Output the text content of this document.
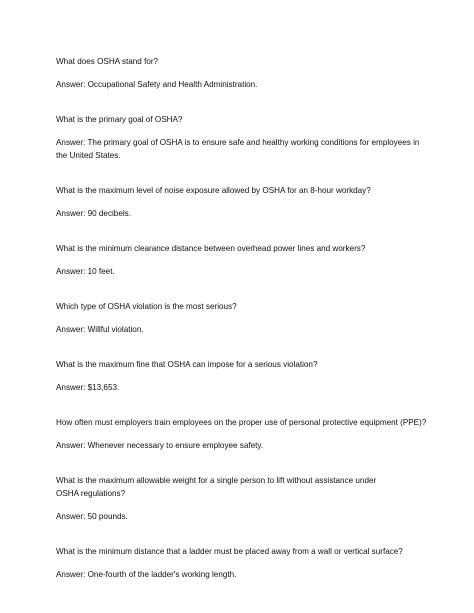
What does OSHA stand for?

Answer: Occupational Safety and Health Administration.

What is the primary goal of OSHA?

Answer: The primary goal of OSHA is to ensure safe and healthy working conditions for employees in the United States.

What is the maximum level of noise exposure allowed by OSHA for an 8-hour workday?

Answer: 90 decibels.

What is the minimum clearance distance between overhead power lines and workers?

Answer: 10 feet.

Which type of OSHA violation is the most serious?

Answer: Willful violation.

What is the maximum fine that OSHA can impose for a serious violation?

Answer: $13,653.

How often must employers train employees on the proper use of personal protective equipment (PPE)?

Answer: Whenever necessary to ensure employee safety.

What is the maximum allowable weight for a single person to lift without assistance under OSHA regulations?

Answer: 50 pounds.

What is the minimum distance that a ladder must be placed away from a wall or vertical surface?

Answer: One-fourth of the ladder's working length.
